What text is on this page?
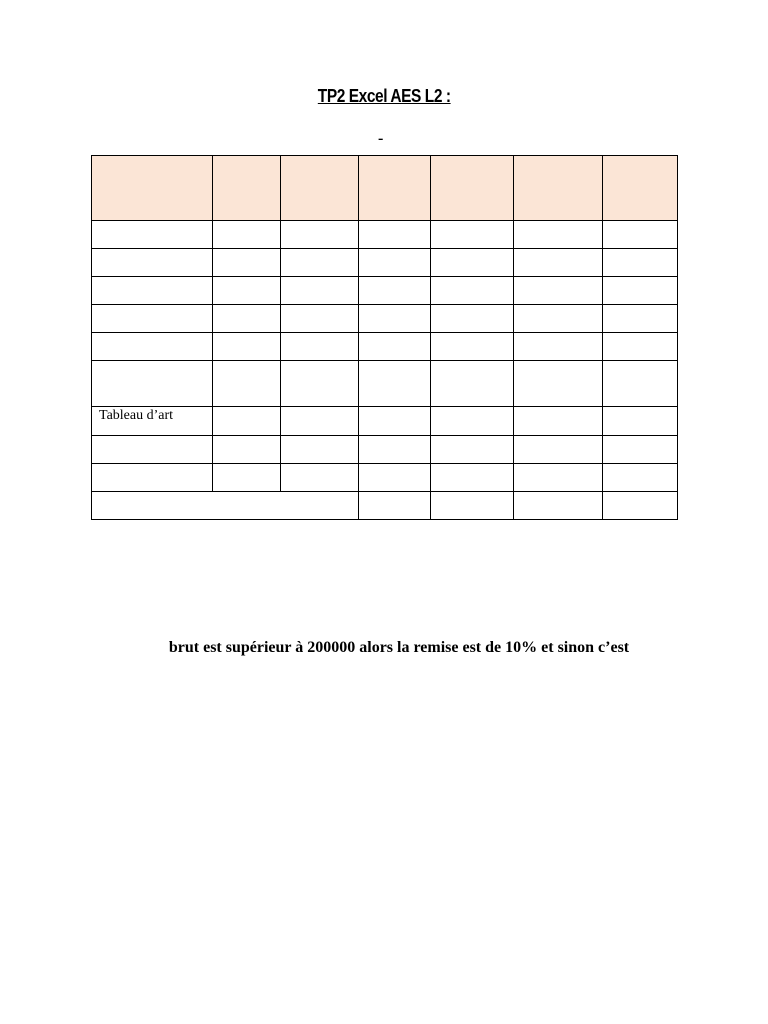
TP2 Excel AES L2 :
-

Tableau d’art						

brut est supérieur à 200000 alors la remise est de 10% et sinon c’est
